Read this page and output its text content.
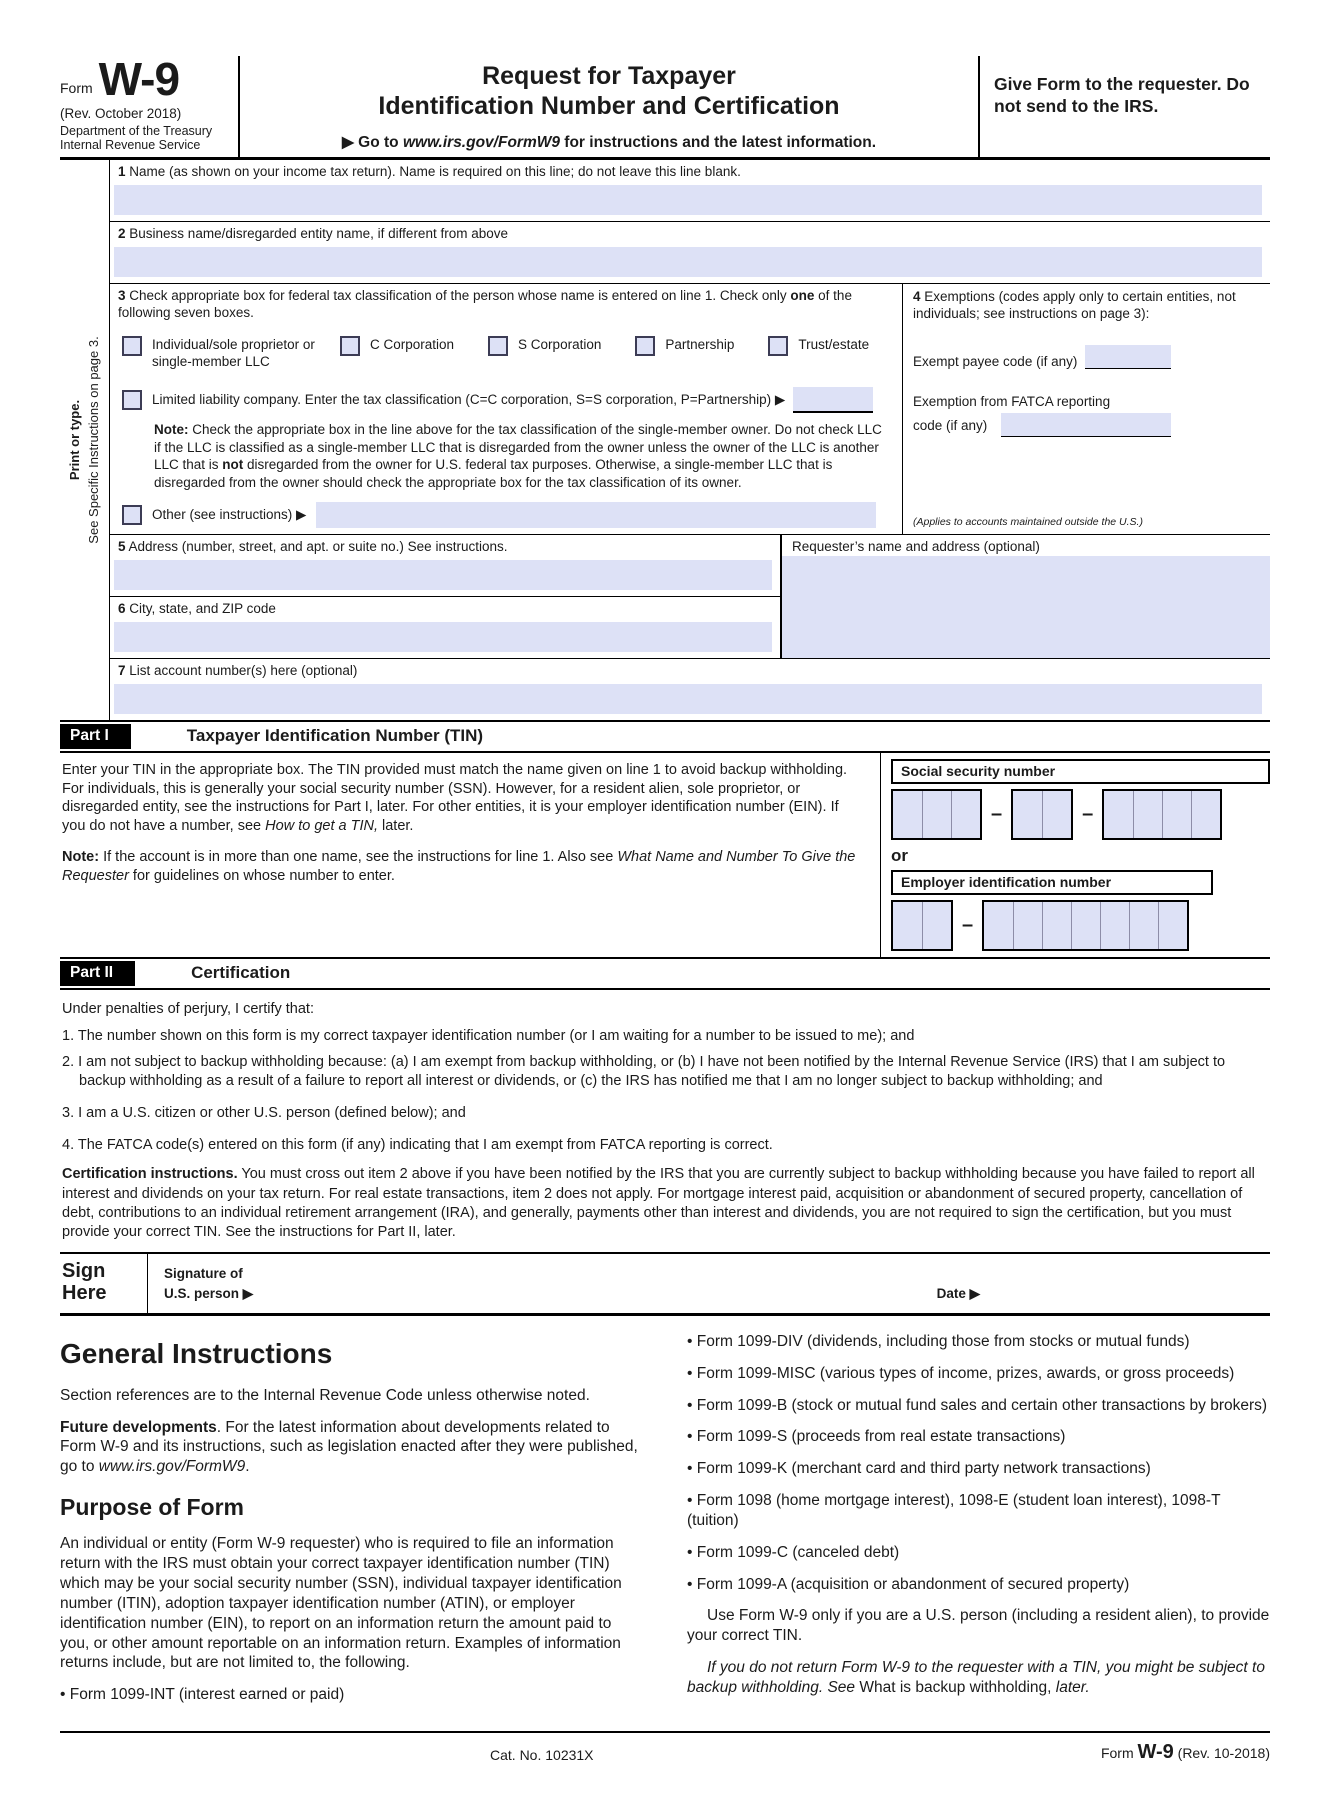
Form W-9
(Rev. October 2018)
Department of the Treasury
Internal Revenue Service
Request for Taxpayer
Identification Number and Certification
▶ Go to www.irs.gov/FormW9 for instructions and the latest information.
Give Form to the requester. Do not send to the IRS.
Print or type. See Specific Instructions on page 3.
1 Name (as shown on your income tax return). Name is required on this line; do not leave this line blank.
2 Business name/disregarded entity name, if different from above
3 Check appropriate box for federal tax classification of the person whose name is entered on line 1. Check only one of the following seven boxes.
Individual/sole proprietor or single-member LLC
C Corporation	S Corporation	Partnership	Trust/estate
Limited liability company. Enter the tax classification (C=C corporation, S=S corporation, P=Partnership) ▶
Note: Check the appropriate box in the line above for the tax classification of the single-member owner. Do not check LLC if the LLC is classified as a single-member LLC that is disregarded from the owner unless the owner of the LLC is another LLC that is not disregarded from the owner for U.S. federal tax purposes. Otherwise, a single-member LLC that is disregarded from the owner should check the appropriate box for the tax classification of its owner.
Other (see instructions) ▶
4 Exemptions (codes apply only to certain entities, not individuals; see instructions on page 3):
Exempt payee code (if any)
Exemption from FATCA reporting
code (if any)
(Applies to accounts maintained outside the U.S.)
5 Address (number, street, and apt. or suite no.) See instructions.
6 City, state, and ZIP code
Requester’s name and address (optional)
7 List account number(s) here (optional)
Part I	Taxpayer Identification Number (TIN)

Enter your TIN in the appropriate box. The TIN provided must match the name given on line 1 to avoid backup withholding. For individuals, this is generally your social security number (SSN). However, for a resident alien, sole proprietor, or disregarded entity, see the instructions for Part I, later. For other entities, it is your employer identification number (EIN). If you do not have a number, see How to get a TIN, later.

Note: If the account is in more than one name, see the instructions for line 1. Also see What Name and Number To Give the Requester for guidelines on whose number to enter.

Social security number
–	–
or
Employer identification number
–
Part II	Certification
Under penalties of perjury, I certify that:
1. The number shown on this form is my correct taxpayer identification number (or I am waiting for a number to be issued to me); and
2. I am not subject to backup withholding because: (a) I am exempt from backup withholding, or (b) I have not been notified by the Internal Revenue Service (IRS) that I am subject to backup withholding as a result of a failure to report all interest or dividends, or (c) the IRS has notified me that I am no longer subject to backup withholding; and
3. I am a U.S. citizen or other U.S. person (defined below); and
4. The FATCA code(s) entered on this form (if any) indicating that I am exempt from FATCA reporting is correct.
Certification instructions. You must cross out item 2 above if you have been notified by the IRS that you are currently subject to backup withholding because you have failed to report all interest and dividends on your tax return. For real estate transactions, item 2 does not apply. For mortgage interest paid, acquisition or abandonment of secured property, cancellation of debt, contributions to an individual retirement arrangement (IRA), and generally, payments other than interest and dividends, you are not required to sign the certification, but you must provide your correct TIN. See the instructions for Part II, later.
Sign
Here
Signature of
U.S. person ▶	Date ▶
General Instructions

Section references are to the Internal Revenue Code unless otherwise noted.

Future developments. For the latest information about developments related to Form W-9 and its instructions, such as legislation enacted after they were published, go to www.irs.gov/FormW9.

Purpose of Form

An individual or entity (Form W-9 requester) who is required to file an information return with the IRS must obtain your correct taxpayer identification number (TIN) which may be your social security number (SSN), individual taxpayer identification number (ITIN), adoption taxpayer identification number (ATIN), or employer identification number (EIN), to report on an information return the amount paid to you, or other amount reportable on an information return. Examples of information returns include, but are not limited to, the following.

• Form 1099-INT (interest earned or paid)

• Form 1099-DIV (dividends, including those from stocks or mutual funds)

• Form 1099-MISC (various types of income, prizes, awards, or gross proceeds)

• Form 1099-B (stock or mutual fund sales and certain other transactions by brokers)

• Form 1099-S (proceeds from real estate transactions)

• Form 1099-K (merchant card and third party network transactions)

• Form 1098 (home mortgage interest), 1098-E (student loan interest), 1098-T (tuition)

• Form 1099-C (canceled debt)

• Form 1099-A (acquisition or abandonment of secured property)

Use Form W-9 only if you are a U.S. person (including a resident alien), to provide your correct TIN.

If you do not return Form W-9 to the requester with a TIN, you might be subject to backup withholding. See What is backup withholding, later.

Cat. No. 10231X	Form W-9 (Rev. 10-2018)
